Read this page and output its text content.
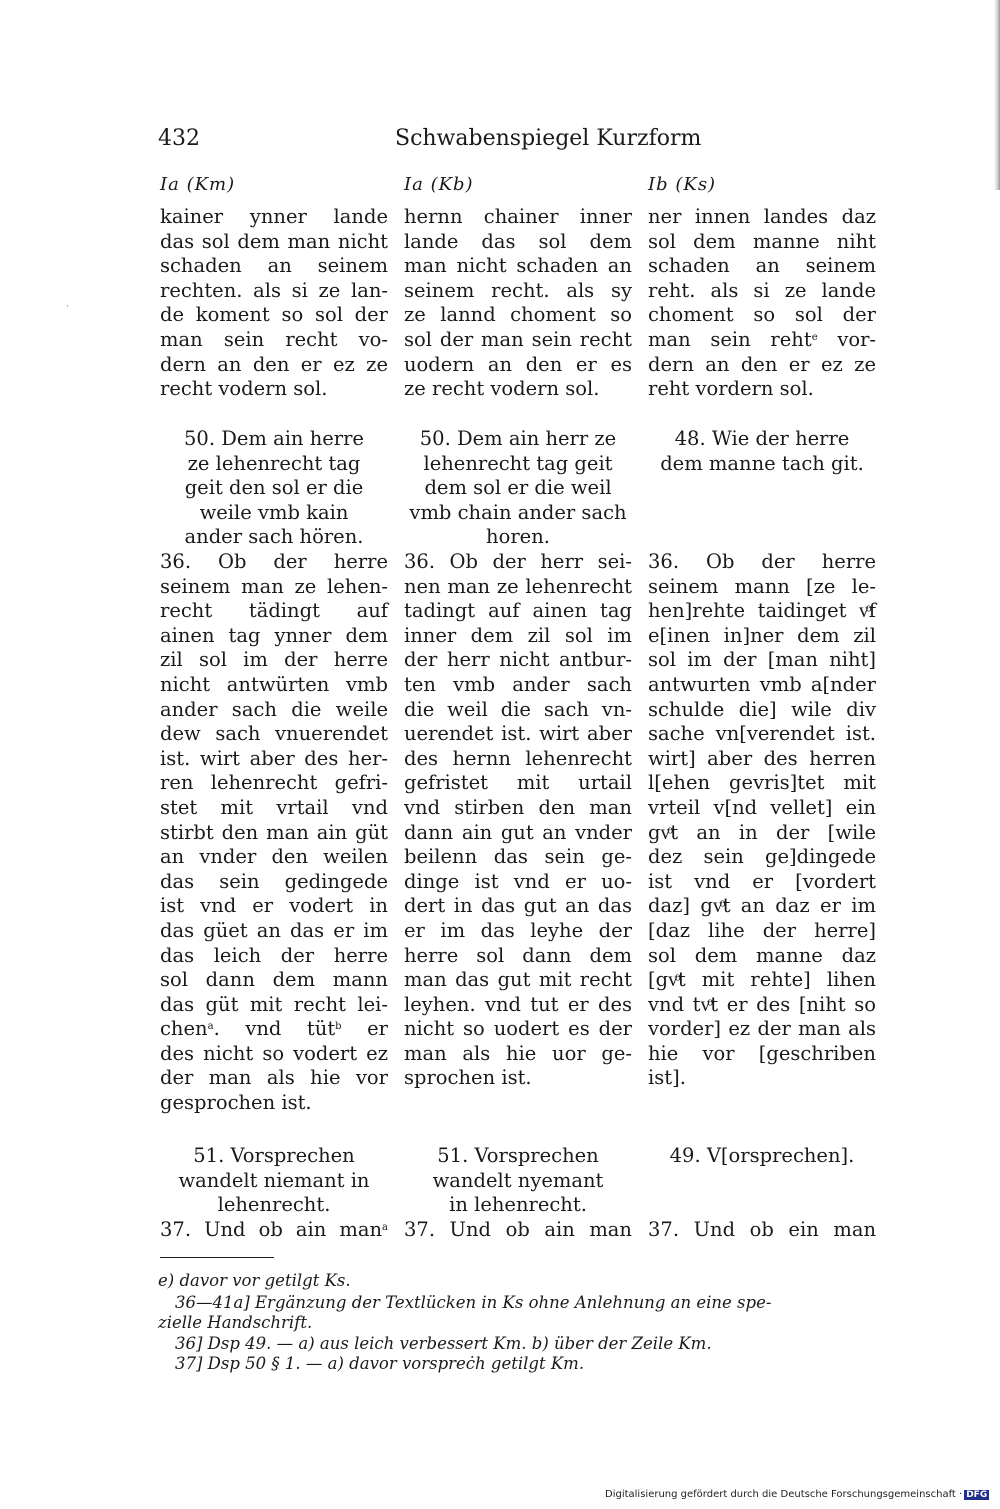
·
432	Schwabenspiegel Kurzform
Ia (Km)	Ia (Kb)	Ib (Ks)
kainer ynner lande
das sol dem man nicht
schaden an seinem
rechten. als si ze lan-
de koment so sol der
man sein recht vo-
dern an den er ez ze
recht vodern sol.
50. Dem ain herre
ze lehenrecht tag
geit den sol er die
weile vmb kain
ander sach hören.
36. Ob der herre
seinem man ze lehen-
recht tädingt auf
ainen tag ynner dem
zil sol im der herre
nicht antwürten vmb
ander sach die weile
dew sach vnuerendet
ist. wirt aber des her-
ren lehenrecht gefri-
stet mit vrtail vnd
stirbt den man ain güt
an vnder den weilen
das sein gedingede
ist vnd er vodert in
das güet an das er im
das leich der herre
sol dann dem mann
das güt mit recht lei-
chen$^a$. vnd tüt$^b$ er
des nicht so vodert ez
der man als hie vor
gesprochen ist.
51. Vorsprechen
wandelt niemant in
lehenrecht.
37. Und ob ain man$^a$
hernn chainer inner
lande das sol dem
man nicht schaden an
seinem recht. als sy
ze lannd choment so
sol der man sein recht
uodern an den er es
ze recht vodern sol.
50. Dem ain herr ze
lehenrecht tag geit
dem sol er die weil
vmb chain ander sach
horen.
36. Ob der herr sei-
nen man ze lehenrecht
tadingt auf ainen tag
inner dem zil sol im
der herr nicht antbur-
ten vmb ander sach
die weil die sach vn-
uerendet ist. wirt aber
des hernn lehenrecht
gefristet mit urtail
vnd stirben den man
dann ain gut an vnder
beilenn das sein ge-
dinge ist vnd er uo-
dert in das gut an das
er im das leyhe der
herre sol dann dem
man das gut mit recht
leyhen. vnd tut er des
nicht so uodert es der
man als hie uor ge-
sprochen ist.
51. Vorsprechen
wandelt nyemant
in lehenrecht.
37. Und ob ain man
ner innen landes daz
sol dem manne niht
schaden an seinem
reht. als si ze lande
choment so sol der
man sein reht$^e$ vor-
dern an den er ez ze
reht vordern sol.
48. Wie der herre
dem manne tach git.
36. Ob der herre
seinem mann [ze le-
hen]rehte taidinget vͦf
e[inen in]ner dem zil
sol im der [man niht]
antwurten vmb a[nder
schulde die] wile div
sache vn[verendet ist.
wirt] aber des herren
l[ehen gevris]tet mit
vrteil v[nd vellet] ein
gvͦt an in der [wile
dez sein ge]dingede
ist vnd er [vordert
daz] gvͦt an daz er im
[daz lihe der herre]
sol dem manne daz
[gvͦt mit rehte] lihen
vnd tvͦt er des [niht so
vorder] ez der man als
hie vor [geschriben
ist].
49. V[orsprechen].
37. Und ob ein man
e) davor vor getilgt Ks.
36—41a] Ergänzung der Textlücken in Ks ohne Anlehnung an eine spe-
zielle Handschrift.
36] Dsp 49. — a) aus leich verbessert Km. b) über der Zeile Km.
37] Dsp 50 § 1. — a) davor vorspreċh getilgt Km.
Digitalisierung gefördert durch die Deutsche Forschungsgemeinschaft · DFG
